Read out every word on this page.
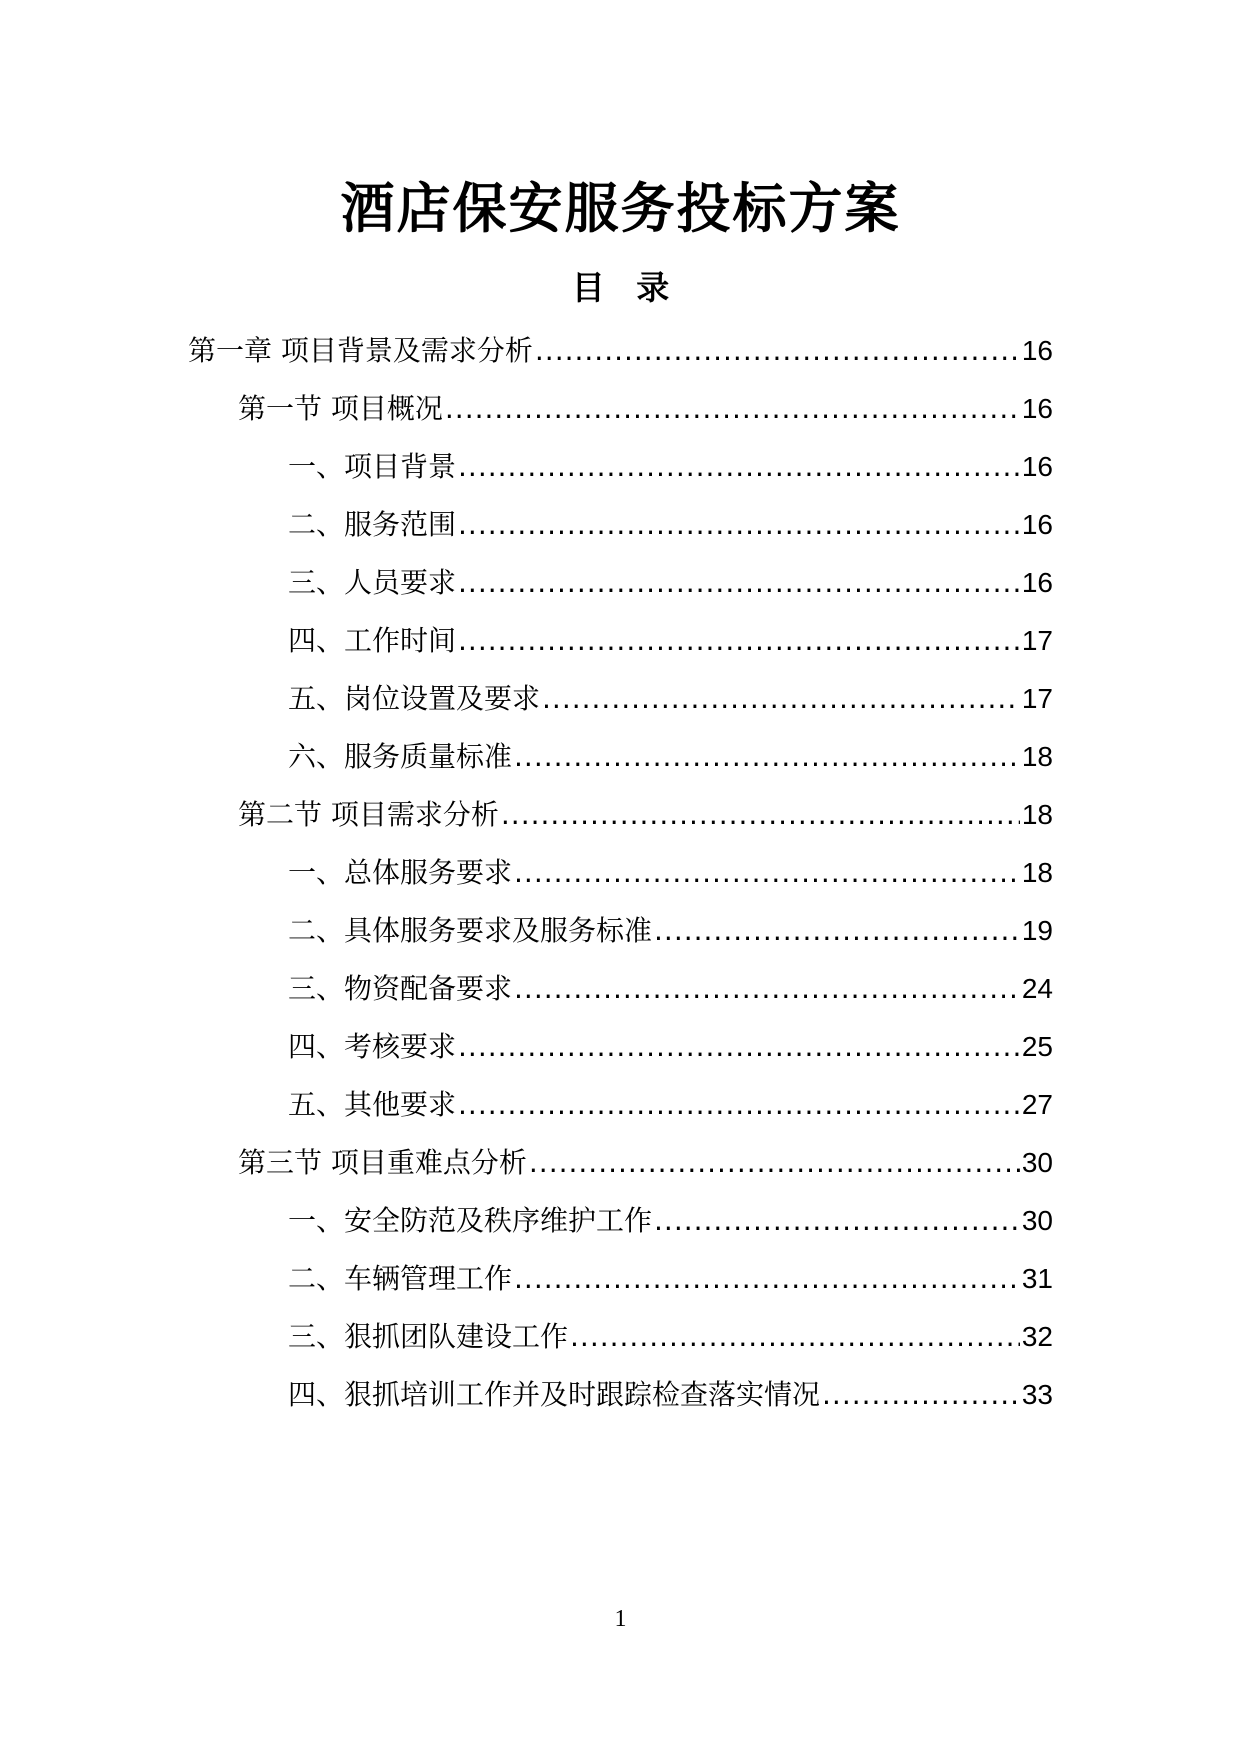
酒店保安服务投标方案
目 录
第一章 项目背景及需求分析 .....	16
第一节 项目概况 .....	16
一、项目背景 .....	16
二、服务范围 .....	16
三、人员要求 .....	16
四、工作时间 .....	17
五、岗位设置及要求 .....	17
六、服务质量标准 .....	18
第二节 项目需求分析 .....	18
一、总体服务要求 .....	18
二、具体服务要求及服务标准 .....	19
三、物资配备要求 .....	24
四、考核要求 .....	25
五、其他要求 .....	27
第三节 项目重难点分析 .....	30
一、安全防范及秩序维护工作 .....	30
二、车辆管理工作 .....	31
三、狠抓团队建设工作 .....	32
四、狠抓培训工作并及时跟踪检查落实情况 .....	33
1
